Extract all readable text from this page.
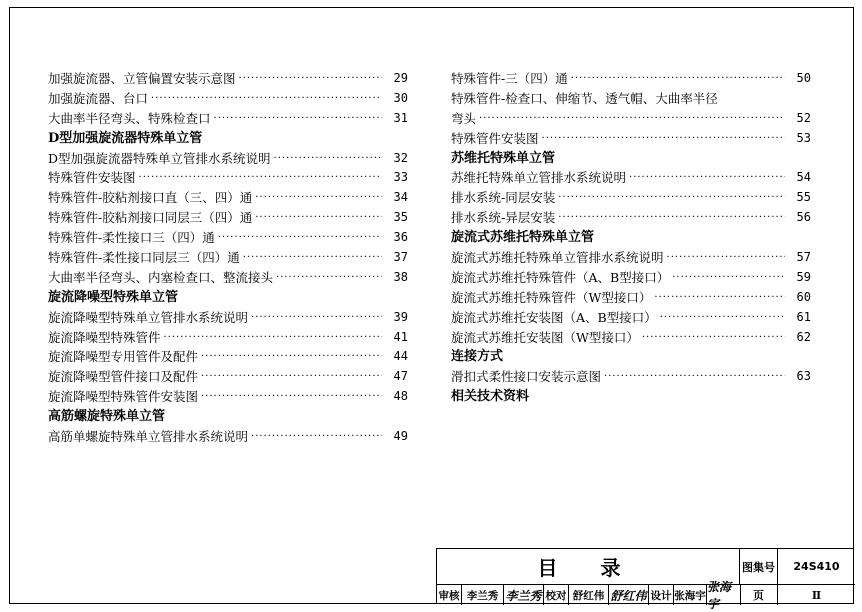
加强旋流器、立管偏置安装示意图 ·····	29
加强旋流器、台口 ·····	30
大曲率半径弯头、特殊检查口 ·····	31
D型加强旋流器特殊单立管
D型加强旋流器特殊单立管排水系统说明 ·····	32
特殊管件安装图 ·····	33
特殊管件-胶粘剂接口直（三、四）通 ·····	34
特殊管件-胶粘剂接口同层三（四）通 ·····	35
特殊管件-柔性接口三（四）通 ·····	36
特殊管件-柔性接口同层三（四）通 ·····	37
大曲率半径弯头、内塞检查口、整流接头 ·····	38
旋流降噪型特殊单立管
旋流降噪型特殊单立管排水系统说明 ·····	39
旋流降噪型特殊管件 ·····	41
旋流降噪型专用管件及配件 ·····	44
旋流降噪型管件接口及配件 ·····	47
旋流降噪型特殊管件安装图 ·····	48
高筋螺旋特殊单立管
高筋单螺旋特殊单立管排水系统说明 ·····	49
特殊管件-三（四）通 ·····	50
特殊管件-检查口、伸缩节、透气帽、大曲率半径
弯头 ·····	52
特殊管件安装图 ·····	53
苏维托特殊单立管
苏维托特殊单立管排水系统说明 ·····	54
排水系统-同层安装 ·····	55
排水系统-异层安装 ·····	56
旋流式苏维托特殊单立管
旋流式苏维托特殊单立管排水系统说明 ·····	57
旋流式苏维托特殊管件（A、B型接口） ·····	59
旋流式苏维托特殊管件（W型接口） ·····	60
旋流式苏维托安装图（A、B型接口） ·····	61
旋流式苏维托安装图（W型接口） ·····	62
连接方式
滑扣式柔性接口安装示意图 ·····	63
相关技术资料
目 录	图集号	24S410
页	Ⅱ
审核 李兰秀 李兰秀 校对 舒红伟 舒红伟 设计 张海宇
张海宇
